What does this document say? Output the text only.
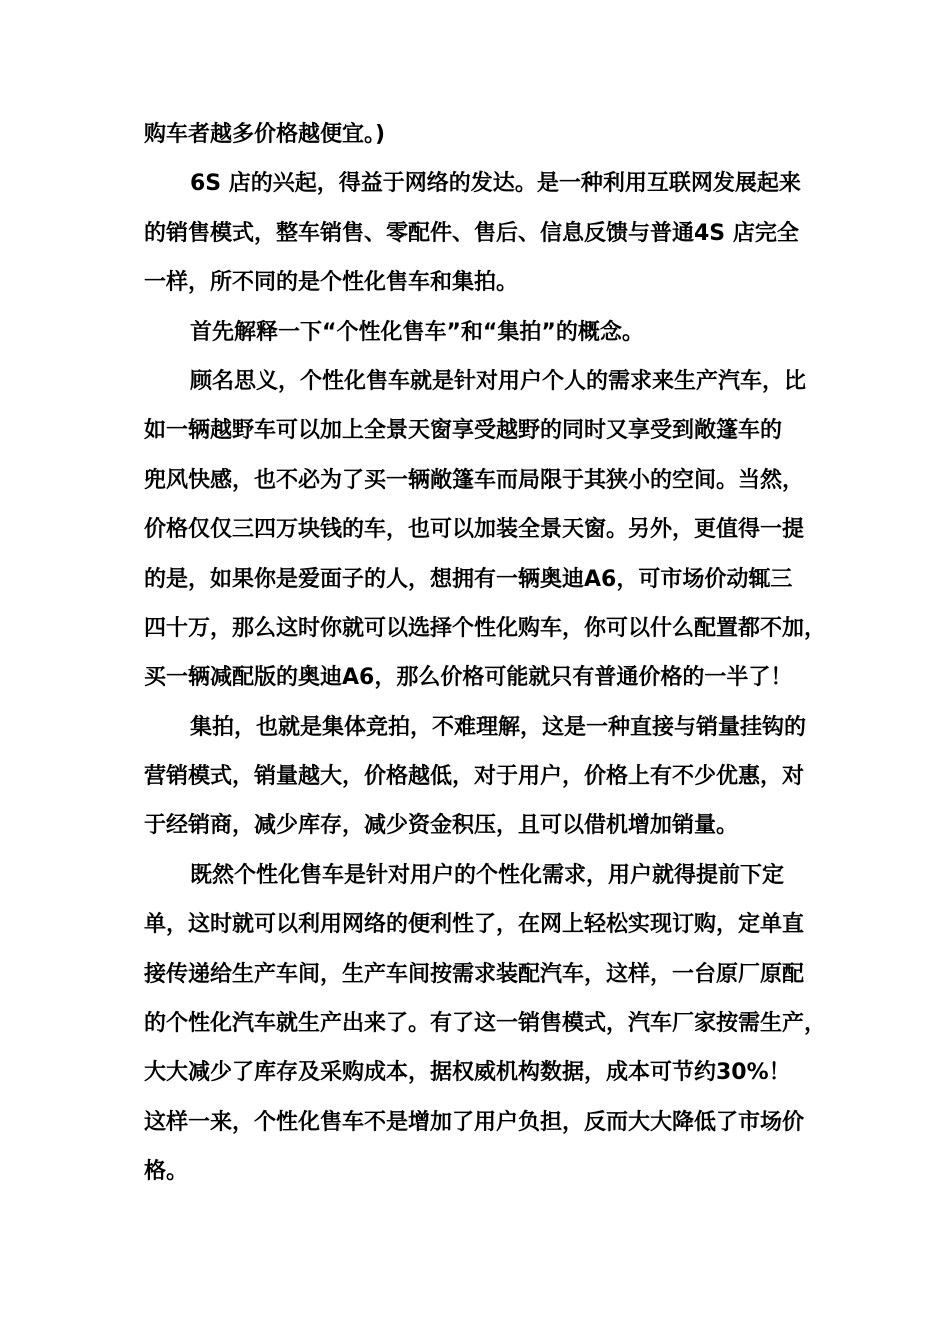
购车者越多价格越便宜。)
6S 店的兴起，得益于网络的发达。是一种利用互联网发展起来
的销售模式，整车销售、零配件、售后、信息反馈与普通4S 店完全
一样，所不同的是个性化售车和集拍。
首先解释一下“个性化售车”和“集拍”的概念。
顾名思义，个性化售车就是针对用户个人的需求来生产汽车，比
如一辆越野车可以加上全景天窗享受越野的同时又享受到敞篷车的
兜风快感，也不必为了买一辆敞篷车而局限于其狭小的空间。当然，
价格仅仅三四万块钱的车，也可以加装全景天窗。另外，更值得一提
的是，如果你是爱面子的人，想拥有一辆奥迪A6，可市场价动辄三
四十万，那么这时你就可以选择个性化购车，你可以什么配置都不加，
买一辆减配版的奥迪A6，那么价格可能就只有普通价格的一半了！
集拍，也就是集体竞拍，不难理解，这是一种直接与销量挂钩的
营销模式，销量越大，价格越低，对于用户，价格上有不少优惠，对
于经销商，减少库存，减少资金积压，且可以借机增加销量。
既然个性化售车是针对用户的个性化需求，用户就得提前下定
单，这时就可以利用网络的便利性了，在网上轻松实现订购，定单直
接传递给生产车间，生产车间按需求装配汽车，这样，一台原厂原配
的个性化汽车就生产出来了。有了这一销售模式，汽车厂家按需生产，
大大减少了库存及采购成本，据权威机构数据，成本可节约30%！
这样一来，个性化售车不是增加了用户负担，反而大大降低了市场价
格。
